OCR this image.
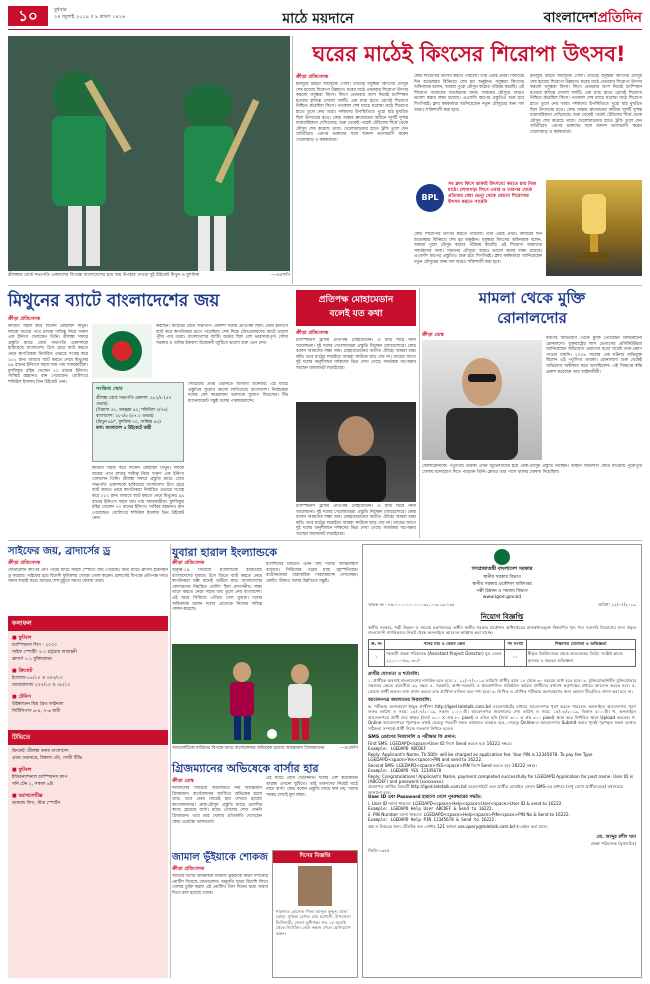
১০	বুধবার
২৪ জুলাই ২০১৯ ॥ ৯ শ্রাবণ ১৪২৬	মাঠে ময়দানে	বাংলাদেশপ্রতিদিন
শ্রীলঙ্কার বোর্ড সভাপতি একাদশের বিপক্ষে বাংলাদেশের হয়ে জয় উপহার দেওয়া দুই উইকেট মিথুন ও মুশফিক	—এএফপি
ঘরের মাঠেই কিংসের শিরোপা উৎসব!
ক্রীড়া প্রতিবেদক
ইনজুরি টাইমে জয়সূচক গোল। তাতেই বসুন্ধরা কিংসের মৌসুম শেষ হয়েছে শিরোপা উল্লাসে। ঘরের মাঠে প্রথমবার শিরোপা উৎসব করলো বসুন্ধরা কিংস। লিগে প্রথমবার অংশ নিয়েই চ্যাম্পিয়ন হওয়ার কৃতিত্ব দেখাল দলটি। এক ম্যাচ হাতে রেখেই শিরোপা নিশ্চিত করেছিল কিংস। গতকাল শেষ ম্যাচে ঘরোয়া মাঠে শিরোপা হাতে তুলে নেয় তারা। দর্শকদের উপস্থিতিতে পুরো মাঠ মুখরিত ছিল উৎসবের রঙে। কোচ অস্কার ব্রুজোনের অধীনে দলটি দুর্দান্ত ধারাবাহিকতা দেখিয়েছে। শুরু থেকেই পয়েন্ট টেবিলের শীর্ষে থেকে মৌসুম শেষ করেছে তারা। খেলোয়াড়দের হাতে ট্রফি তুলে দেন অতিথিরা। এরপর ভক্তদের সঙ্গে আনন্দ ভাগাভাগি করেন খেলোয়াড় ও কর্মকর্তারা।
কোচ শিরোপার উৎসব করতে পারলো। তার এটাই প্রথম। বিদায়ের দিন শুভেচ্ছার বিনিময়ে শেষ হয় অনুষ্ঠান। বসুন্ধরা কিংসের অধিনায়ক বলেন, আমরা পুরো মৌসুম কঠোর পরিশ্রম করেছি। এই শিরোপা আমাদের সমর্থকদের জন্য। সামনের মৌসুমে আরও ভালো করার লক্ষ্য রয়েছে। এএফসি কাপের প্রস্তুতিও শুরু হবে শিগগিরই। ক্লাব কর্মকর্তারা জানিয়েছেন নতুন মৌসুমের জন্য দল আরও শক্তিশালী করা হবে।
ইনজুরি টাইমে জয়সূচক গোল। তাতেই বসুন্ধরা কিংসের মৌসুম শেষ হয়েছে শিরোপা উল্লাসে। ঘরের মাঠে প্রথমবার শিরোপা উৎসব করলো বসুন্ধরা কিংস। লিগে প্রথমবার অংশ নিয়েই চ্যাম্পিয়ন হওয়ার কৃতিত্ব দেখাল দলটি। এক ম্যাচ হাতে রেখেই শিরোপা নিশ্চিত করেছিল কিংস। গতকাল শেষ ম্যাচে ঘরোয়া মাঠে শিরোপা হাতে তুলে নেয় তারা। দর্শকদের উপস্থিতিতে পুরো মাঠ মুখরিত ছিল উৎসবের রঙে। কোচ অস্কার ব্রুজোনের অধীনে দলটি দুর্দান্ত ধারাবাহিকতা দেখিয়েছে। শুরু থেকেই পয়েন্ট টেবিলের শীর্ষে থেকে মৌসুম শেষ করেছে তারা। খেলোয়াড়দের হাতে ট্রফি তুলে দেন অতিথিরা। এরপর ভক্তদের সঙ্গে আনন্দ ভাগাভাগি করেন খেলোয়াড় ও কর্মকর্তারা।
BPL
সব ক্লাব কিসে ডাকাই উৎসবে! করতে চায় নিজ মাঠে। লেখাপড়া লিগে এবার ও তারপর থেকে প্রতিবার মেধা ভেন্যু থেকে কোনো শিরোপার উৎসব করতে পারেনি
কোচ শিরোপার উৎসব করতে পারলো। তার এটাই প্রথম। বিদায়ের দিন শুভেচ্ছার বিনিময়ে শেষ হয় অনুষ্ঠান। বসুন্ধরা কিংসের অধিনায়ক বলেন, আমরা পুরো মৌসুম কঠোর পরিশ্রম করেছি। এই শিরোপা আমাদের সমর্থকদের জন্য। সামনের মৌসুমে আরও ভালো করার লক্ষ্য রয়েছে। এএফসি কাপের প্রস্তুতিও শুরু হবে শিগগিরই। ক্লাব কর্মকর্তারা জানিয়েছেন নতুন মৌসুমের জন্য দল আরও শক্তিশালী করা হবে।
মিথুনের ব্যাটে বাংলাদেশের জয়
ক্রীড়া প্রতিবেদক
কাজটা সহজ করে দিলেন মোহাম্মদ মিথুন। দলকে জয়ের পথে রাখার দায়িত্ব নিয়ে দারুণ এক ইনিংস খেললেন তিনি। শ্রীলঙ্কা সফরে প্রস্তুতি ম্যাচে বোর্ড সভাপতি একাদশকে হারিয়েছে বাংলাদেশ। টসে হেরে ব্যাট করতে নেমে স্বাগতিকরা নির্ধারিত ওভারে সংগ্রহ করে ২৮২ রান। জবাবে ব্যাট করতে নেমে মিথুনের ৯৯ রানের ইনিংসে সহজ জয় পায় সফরকারীরা। মুশফিকুর রহিম খেলেন ৭০ রানের ইনিংস। সাব্বির রহমানও রান পেয়েছেন। বোলিংয়ে শফিউল ইসলাম তিন উইকেট নেন।
সংক্ষিপ্ত স্কোর
শ্রীলঙ্কা বোর্ড সভাপতি একাদশ: ২৮২/৮ (৫০ ওভার)
(থিমাসা ৫১, ধনঞ্জয়া ৪২; শফিউল ৩/৩৪)
বাংলাদেশ: ২৮৩/৫ (৪৭.২ ওভার)
(মিথুন ৯৯*, মুশফিক ৭০, সাব্বির ৪৫)
ফল: বাংলাদেশ ৫ উইকেটে জয়ী
করছেন। ম্যাচটির বোর্ড সভাপতি একাদশ দলের প্রতিপক্ষ ছিল। প্রথম ইনিংসে ব্যাট করে স্বাগতিকরা চাপে পড়েছিল। শেষ দিকে টেলএন্ডারদের ব্যাটে ভালো পুঁজি পায় তারা। বাংলাদেশের ব্যাটিং অর্ডার ছিল বেশ ভারসাম্যপূর্ণ। সৌম্য সরকার ও তামিম ইকবাল উদ্বোধনী জুটিতে ভালো শুরু এনে দেন।
সিরিজের প্রথম ওয়ানডে আগামী শুক্রবার। এই ম্যাচে প্রস্তুতির সুযোগ কাজে লাগিয়েছে বাংলাদেশ। নির্বাচকরা দলের বেশ কয়েকজন তরুণকে সুযোগ দিয়েছেন। টিম ম্যানেজমেন্ট সন্তুষ্ট দলের পারফরম্যান্সে।
কাজটা সহজ করে দিলেন মোহাম্মদ মিথুন। দলকে জয়ের পথে রাখার দায়িত্ব নিয়ে দারুণ এক ইনিংস খেললেন তিনি। শ্রীলঙ্কা সফরে প্রস্তুতি ম্যাচে বোর্ড সভাপতি একাদশকে হারিয়েছে বাংলাদেশ। টসে হেরে ব্যাট করতে নেমে স্বাগতিকরা নির্ধারিত ওভারে সংগ্রহ করে ২৮২ রান। জবাবে ব্যাট করতে নেমে মিথুনের ৯৯ রানের ইনিংসে সহজ জয় পায় সফরকারীরা। মুশফিকুর রহিম খেলেন ৭০ রানের ইনিংস। সাব্বির রহমানও রান পেয়েছেন। বোলিংয়ে শফিউল ইসলাম তিন উইকেট নেন।
প্রতিপক্ষ মোহামেডান
বলেই যত কথা
ক্রীড়া প্রতিবেদক
চ্যাম্পিয়নস ট্রফির প্রতিপক্ষ মোহামেডান। এ ম্যাচ ঘিরে নানা আলোচনা। দুই দলের খেলোয়াড়রা প্রস্তুতি নিচ্ছেন জোরেশোরে। কোচ বলেন আমাদের লক্ষ্য জয়। মোহামেডানের অতীত ঐতিহ্য আমরা শ্রদ্ধা করি। তবে মাঠের লড়াইয়ে আমরা কাউকে ছাড় দেব না। ম্যাচের আগে দুই দলের অনুশীলনে দর্শকদের ভিড় দেখা গেছে। সমর্থকরা অপেক্ষায় আছেন জমজমাট লড়াইয়ের।
চ্যাম্পিয়নস ট্রফির প্রতিপক্ষ মোহামেডান। এ ম্যাচ ঘিরে নানা আলোচনা। দুই দলের খেলোয়াড়রা প্রস্তুতি নিচ্ছেন জোরেশোরে। কোচ বলেন আমাদের লক্ষ্য জয়। মোহামেডানের অতীত ঐতিহ্য আমরা শ্রদ্ধা করি। তবে মাঠের লড়াইয়ে আমরা কাউকে ছাড় দেব না। ম্যাচের আগে দুই দলের অনুশীলনে দর্শকদের ভিড় দেখা গেছে। সমর্থকরা অপেক্ষায় আছেন জমজমাট লড়াইয়ের।
মামলা থেকে মুক্তি
রোনালদোর
ক্রীড়া ডেস্ক
ধর্ষণের অভিযোগ থেকে মুক্তি পেয়েছেন ক্রিস্টিয়ানো রোনালদো। যুক্তরাষ্ট্রের লাস ভেগাসের প্রসিকিউটররা জানিয়েছেন অভিযোগ প্রমাণের মতো যথেষ্ট তথ্য-প্রমাণ পাওয়া যায়নি। ২০০৯ সালের এক ঘটনায় অভিযুক্ত ছিলেন এই পর্তুগিজ তারকা। রোনালদো শুরু থেকেই অভিযোগ অস্বীকার করে আসছিলেন। এই সিদ্ধান্তে স্বস্তি প্রকাশ করেছেন তার আইনজীবী।
জেলারোনাকে। পর্তুগিজ তারকা এখন জুভেন্টাসের হয়ে প্রাক-মৌসুম প্রস্তুতি নিচ্ছেন। আইনি জটিলতা কেটে যাওয়ায় পুরোপুরি খেলায় মনোযোগ দিতে পারবেন তিনি। ক্লাবও তার পাশে থাকার ঘোষণা দিয়েছিল।
সাইফের জয়, ব্রাদার্সের ড্র
ক্রীড়া প্রতিবেদক
ফেডারেশন কাপের গ্রুপ পর্বের ম্যাচে সাইফ স্পোর্টিং জয় পেয়েছে। অন্য ম্যাচে ব্রাদার্স ইউনিয়ন ড্র করেছে। সাইফের হয়ে বিদেশি ফুটবলার জোড়া গোল করেন। ব্রাদার্সের বিপক্ষে প্রতিপক্ষ দলও সমান লড়াই করে। ম্যাচের শেষ মুহূর্তে সমতা ফেরায় তারা।
ফলাফল
■ ফুটবল
চ্যাম্পিয়নস লিগ - ২০২০
সাইফ স্পোর্টিং ২-১ চট্টগ্রাম আবাহনী
ব্রাদার্স ১-১ মুক্তিযোদ্ধা
■ ক্রিকেট
ইংল্যান্ড ৮৫/১০ ও ৩০৩/১০
আয়ারল্যান্ড ২০৭/১০ ও ৩৮/১০
■ টেনিস
উইম্বলডন মিশ্র দ্বৈত ফাইনাল
সিটিসিপাস ৬-৪, ৭-৬ জয়ী
টিভিতে
ক্রিকেট: শ্রীলঙ্কা বনাম বাংলাদেশ
প্রথম ওয়ানডে, বিকাল ৩টা, গাজী টিভি
■ ফুটবল
ইন্টারন্যাশনাল চ্যাম্পিয়নস কাপ
সনি টেন ২, সকাল ৬টা
■ অ্যাথলেটিক্স
ডায়মন্ড লিগ, স্টার স্পোর্টস
যুবারা হারাল ইংল্যান্ডকে
ক্রীড়া প্রতিবেদক
অনূর্ধ্ব-১৯ সিরিজে ইংল্যান্ডকে হারিয়েছে বাংলাদেশের যুবারা। টসে জিতে ব্যাট করতে নেমে স্বাগতিকরা অল্প রানেই গুটিয়ে যায়। বাংলাদেশের বোলারদের নিয়ন্ত্রিত বোলিং ছিল প্রশংসনীয়। লক্ষ্য তাড়া করতে নেমে সহজ জয় তুলে নেয় বাংলাদেশ। এই জয়ে সিরিজে এগিয়ে গেল যুবারা। দলের অধিনায়ক বলেন দলের প্রত্যেকে নিজের দায়িত্ব পালন করেছে।
ইংলিশদের মাটিতে এমন জয় দলের আত্মবিশ্বাস বাড়াবে। সিরিজের পরের ম্যাচ বৃহস্পতিবার। ব্যাটসম্যানরা ধারাবাহিক পারফরম্যান্স দেখাচ্ছেন। কোচিং স্টাফও দলের উন্নতিতে সন্তুষ্ট।
আতলেটিকো মাদ্রিদের বিপক্ষে ম্যাচে বার্সেলোনার অভিষেক হয়েছে আন্তোয়ান গ্রিজম্যানের	—এএফপি
গ্রিজম্যানের অভিষেকে বার্সার হার
ক্রীড়া ডেস্ক
দলবদলের সবচেয়ে আলোচিত নাম আন্তোয়ান গ্রিজম্যান। বার্সেলোনার জার্সিতে অভিষেক হলো তার। তবে প্রথম ম্যাচেই হার দেখতে হয়েছে কাতালানদের। প্রাক-মৌসুম প্রস্তুতি ম্যাচে চেলসির কাছে হেরেছে বার্সা। ম্যাচে গোলের দেখা পাননি গ্রিজম্যান। তবে তার খেলায় প্রতিশ্রুতি দেখেছেন কোচ এর্নেস্তো ভালভার্দে।
এই ম্যাচে মেসি খেলেননি। দলের বেশ কয়েকজন তারকা এখনো ছুটিতে। তাই তরুণদের নিয়েই মাঠে নামে বার্সা। কোচ বলেন প্রস্তুতি ম্যাচে ফল নয়, দলের সমন্বয় দেখাই মূল লক্ষ্য।
জামাল ভূঁইয়াকে শোকজ
ক্রীড়া প্রতিবেদক
জাতীয় দলের অধিনায়ক জামাল ভূঁইয়াকে কারণ দর্শানোর নোটিশ দিয়েছে ফেডারেশন। অনুমতি ছাড়া বিদেশি লিগে খেলার চুক্তি করায় এই নোটিশ। তিন দিনের মধ্যে জবাব দিতে বলা হয়েছে তাকে।
দিনের বিজ্ঞপ্তি
শাহাদাত হোসেন। পিতা আব্দুল কুদ্দুস। মাতা মোছা. সুফিয়া বেগম। গ্রাম চরখালী, উপজেলা টংগিবাড়ী, জেলা মুন্সীগঞ্জ। গত ১৫ জুলাই থেকে নিখোঁজ। কেউ সন্ধান পেলে যোগাযোগ করুন।
গণপ্রজাতন্ত্রী বাংলাদেশ সরকার
স্থানীয় সরকার বিভাগ
স্থানীয় সরকার প্রকৌশল অধিদপ্তর
পল্লী উন্নয়ন ও সমবায় বিভাগ
www.lged.gov.bd
স্মারক নং - ৪৬.০০.০০০০.০০০.৩২.০০৩.১৯-১৩৪	তারিখ: ২২/০৭/২০১৯
নিয়োগ বিজ্ঞপ্তি
স্থানীয় সরকার, পল্লী উন্নয়ন ও সমবায় মন্ত্রণালয়ের অধীন স্থানীয় সরকার প্রকৌশল অধিদপ্তরের রাজস্বখাতভুক্ত নিম্নবর্ণিত শূন্য পদে সরাসরি নিয়োগের জন্য প্রকৃত বাংলাদেশি নাগরিকদের নিকট থেকে অনলাইনে আবেদন আহ্বান করা যাচ্ছে।
ক্র. নং	পদের নাম ও বেতন স্কেল	পদ সংখ্যা	শিক্ষাগত যোগ্যতা ও অভিজ্ঞতা
১	সহকারী প্রকল্প পরিচালক (Assistant Project Director) মূল বেতন ২২,০০০-৫৩,০৬০/-	০১	স্বীকৃত বিশ্ববিদ্যালয় থেকে স্নাতকোত্তর ডিগ্রি; সংশ্লিষ্ট কাজে ন্যূনতম ৫ বছরের অভিজ্ঞতা
প্রার্থীর যোগ্যতা ও শর্তাবলি:
১. প্রার্থীকে অবশ্যই বাংলাদেশের নাগরিক হতে হবে। ২. ২২/০৭/২০১৯ তারিখে প্রার্থীর বয়স ১৮ থেকে ৩০ বছরের মধ্যে হতে হবে। ৩. মুক্তিযোদ্ধা/শহীদ মুক্তিযোদ্ধার সন্তানের ক্ষেত্রে বয়সসীমা ৩২ বছর। ৪. সরকারি, আধা-সরকারি ও স্বায়ত্তশাসিত প্রতিষ্ঠানে কর্মরত প্রার্থীদের যথাযথ কর্তৃপক্ষের মাধ্যমে আবেদন করতে হবে। ৫. কোনো প্রার্থী অসত্য তথ্য প্রদান করলে তার প্রার্থিতা বাতিল বলে গণ্য হবে। ৬. লিখিত ও মৌখিক পরীক্ষায় অংশগ্রহণের জন্য কোনো টিএ/ডিএ প্রদান করা হবে না।
আবেদনপত্র জমাদানের নিয়মাবলি:
ক. পরীক্ষায় অংশগ্রহণে ইচ্ছুক প্রার্থীগণ http://lged.teletalk.com.bd ওয়েবসাইটের মাধ্যমে আবেদনপত্র পূরণ করতে পারবেন। অনলাইনে আবেদনপত্র পূরণ শুরুর তারিখ ও সময়: ২৫/০৭/২০১৯, সকাল ১০:০০টা। আবেদনপত্র জমাদানের শেষ তারিখ ও সময়: ১৫/০৮/২০১৯, বিকাল ৫:০০টা। খ. অনলাইনে আবেদনপত্রে প্রার্থী তার স্বাক্ষর (দৈর্ঘ্য ৩০০ × প্রস্থ ৮০ pixel) ও রঙিন ছবি (দৈর্ঘ্য ৩০০ × প্রস্থ ৩০০ pixel) স্ক্যান করে নির্ধারিত স্থানে Upload করবেন। গ. Online আবেদনপত্রে পূরণকৃত তথ্যই যেহেতু পরবর্তী সকল কার্যক্রমে ব্যবহৃত হবে, সেহেতু Online-এ আবেদনপত্র Submit করার পূর্বেই পূরণকৃত সকল তথ্যের সঠিকতা সম্পর্কে প্রার্থী নিজে শতভাগ নিশ্চিত হবেন।
SMS প্রেরণের নিয়মাবলি ও পরীক্ষার ফি প্রদান:
First SMS: LGEDAPD<space>User ID লিখে Send করতে হবে 16222 নম্বরে।
Example: LGEDAPD ABCDEF
Reply: Applicant's Name, Tk.500/- will be charged as application fee. Your PIN is 12345678. To pay fee Type LGEDAPD<space>Yes<space>PIN and send to 16222.
Second SMS: LGEDAPD<space>YES<space>PIN লিখে Send করতে হবে 16222 নম্বরে।
Example: LGEDAPD YES 12345678
Reply: Congratulations! Applicant's Name, payment completed successfully for LGEDAPD Application for post name. User ID is (ABCDEF) and password (xxxxxxxx).
প্রবেশপত্র প্রাপ্তির বিষয়টি http://lged.teletalk.com.bd ওয়েবসাইটে এবং প্রার্থীর মোবাইল ফোনে SMS-এর মাধ্যমে (শুধু যোগ্য প্রার্থীদেরকে) যথাসময়ে জানানো হবে।
User ID এবং Password হারানো গেলে পুনরুদ্ধারের পদ্ধতি:
i. User ID জানা থাকলে: LGEDAPD<space>Help<space>User<space>User ID & send to 16222.
Example: LGEDAPD Help User ABCDEF & Send to 16222.
ii. PIN Number জানা থাকলে: LGEDAPD<space>Help<space>PIN<space>PIN No & Send to 16222.
Example: LGEDAPD Help PIN 12345678 & Send to 16222.
প্রশ্ন ও উত্তরের জন্য টেলিটক কল সেন্টার 121 অথবা vas.query@teletalk.com.bd ই-মেইল করা যাবে।
মো. আব্দুর রশীদ খান
প্রকল্প পরিচালক (যুগ্মসচিব)
জিডি-১৬৪৫
